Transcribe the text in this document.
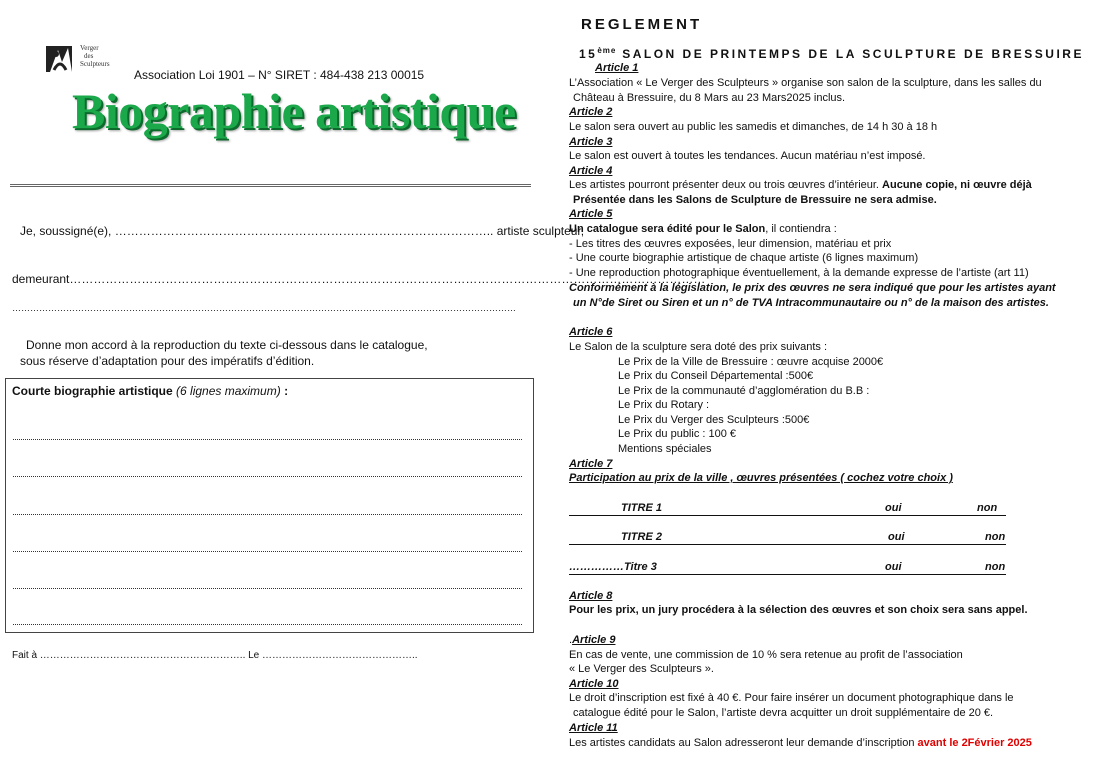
Verger
des
Sculpteurs
Association Loi 1901 – N° SIRET : 484-438 213 00015
Biographie artistique
Je, soussigné(e), ………………………………………………………………………………….. artiste sculpteur,
demeurant……………………………………………………………………………………………………………………………………………
……………………………………………………………………………………………………………………………………………………
Donne mon accord à la reproduction du texte ci-dessous dans le catalogue,
sous réserve d’adaptation pour des impératifs d’édition.
Courte biographie artistique (6 lignes maximum) :
Fait à …………………………………………………….. Le ………………………………………..
REGLEMENT
15ème SALON DE PRINTEMPS DE LA SCULPTURE DE BRESSUIRE
Article 1
L’Association « Le Verger des Sculpteurs » organise son salon de la sculpture, dans les salles du
Château à Bressuire, du 8 Mars au 23 Mars2025 inclus.
Article 2
Le salon sera ouvert au public les samedis et dimanches, de 14 h 30 à 18 h
Article 3
Le salon est ouvert à toutes les tendances. Aucun matériau n’est imposé.
Article 4
Les artistes pourront présenter deux ou trois œuvres d’intérieur. Aucune copie, ni œuvre déjà
Présentée dans les Salons de Sculpture de Bressuire ne sera admise.
Article 5
Un catalogue sera édité pour le Salon, il contiendra :
- Les titres des œuvres exposées, leur dimension, matériau et prix
- Une courte biographie artistique de chaque artiste (6 lignes maximum)
- Une reproduction photographique éventuellement, à la demande expresse de l’artiste (art 11)
Conformément à la législation, le prix des œuvres ne sera indiqué que pour les artistes ayant
un N°de Siret ou Siren et un n° de TVA Intracommunautaire ou n° de la maison des artistes.
Article 6
Le Salon de la sculpture sera doté des prix suivants :
Le Prix de la Ville de Bressuire : œuvre acquise 2000€
Le Prix du Conseil Départemental :500€
Le Prix de la communauté d’agglomération du B.B :
Le Prix du Rotary :
Le Prix du Verger des Sculpteurs :500€
Le Prix du public : 100 €
Mentions spéciales
Article 7
Participation au prix de la ville , œuvres présentées ( cochez votre choix )
TITRE 1	oui	non
TITRE 2	oui	non
……………Titre 3	oui	non
Article 8
Pour les prix, un jury procédera à la sélection des œuvres et son choix sera sans appel.
.Article 9
En cas de vente, une commission de 10 % sera retenue au profit de l’association
« Le Verger des Sculpteurs ».
Article 10
Le droit d’inscription est fixé à 40 €. Pour faire insérer un document photographique dans le
catalogue édité pour le Salon, l’artiste devra acquitter un droit supplémentaire de 20 €.
Article 11
Les artistes candidats au Salon adresseront leur demande d’inscription avant le 2Février 2025
